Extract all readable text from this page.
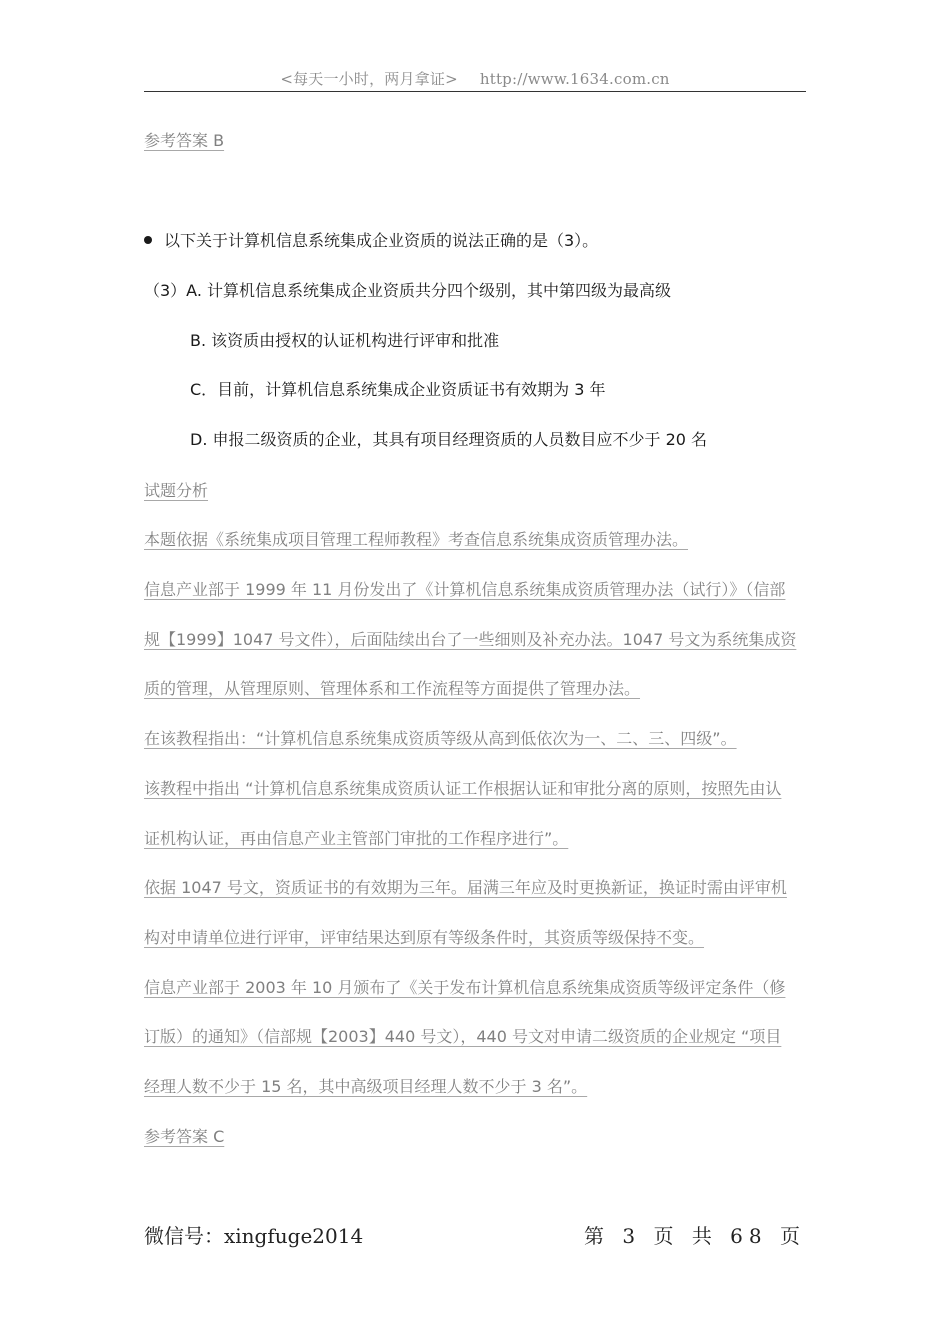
<每天一小时，两月拿证> http://www.1634.com.cn
参考答案 B
以下关于计算机信息系统集成企业资质的说法正确的是（3）。
（3）A. 计算机信息系统集成企业资质共分四个级别，其中第四级为最高级
B. 该资质由授权的认证机构进行评审和批准
C．目前，计算机信息系统集成企业资质证书有效期为 3 年
D. 申报二级资质的企业，其具有项目经理资质的人员数目应不少于 20 名
试题分析
本题依据《系统集成项目管理工程师教程》考查信息系统集成资质管理办法。
信息产业部于 1999 年 11 月份发出了《计算机信息系统集成资质管理办法（试行）》（信部
规【1999】1047 号文件），后面陆续出台了一些细则及补充办法。1047 号文为系统集成资
质的管理，从管理原则、管理体系和工作流程等方面提供了管理办法。
在该教程指出：“计算机信息系统集成资质等级从高到低依次为一、二、三、四级”。
该教程中指出 “计算机信息系统集成资质认证工作根据认证和审批分离的原则，按照先由认
证机构认证，再由信息产业主管部门审批的工作程序进行”。
依据 1047 号文，资质证书的有效期为三年。届满三年应及时更换新证，换证时需由评审机
构对申请单位进行评审，评审结果达到原有等级条件时，其资质等级保持不变。
信息产业部于 2003 年 10 月颁布了《关于发布计算机信息系统集成资质等级评定条件（修
订版）的通知》（信部规【2003】440 号文），440 号文对申请二级资质的企业规定 “项目
经理人数不少于 15 名，其中高级项目经理人数不少于 3 名”。
参考答案 C
微信号：xingfuge2014	第 3 页 共 68 页
